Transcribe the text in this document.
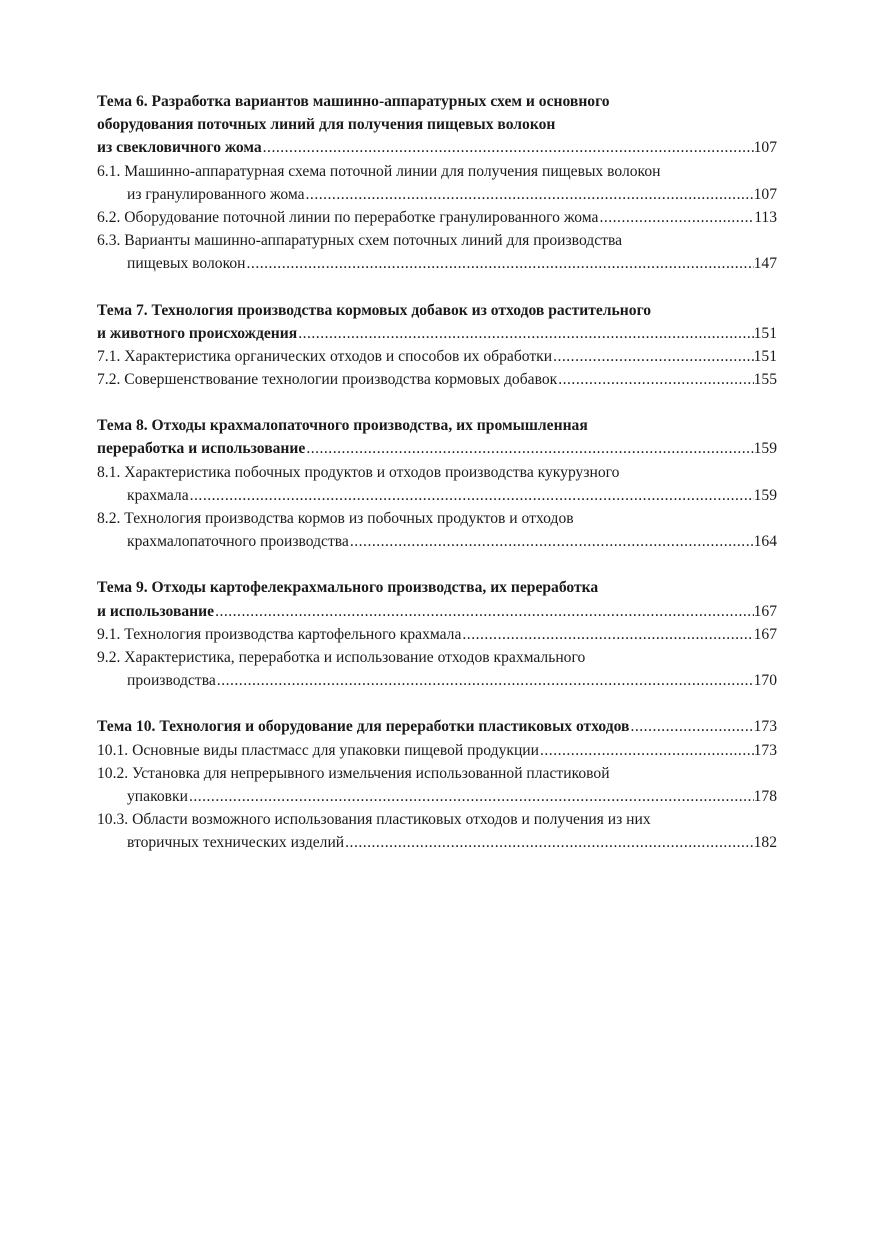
Тема 6. Разработка вариантов машинно-аппаратурных схем и основного
оборудования поточных линий для получения пищевых волокон
из свекловичного жома .....	107
6.1. Машинно-аппаратурная схема поточной линии для получения пищевых волокон
из гранулированного жома .....	107
6.2. Оборудование поточной линии по переработке гранулированного жома .....	113
6.3. Варианты машинно-аппаратурных схем поточных линий для производства
пищевых волокон .....	147
Тема 7. Технология производства кормовых добавок из отходов растительного
и животного происхождения .....	151
7.1. Характеристика органических отходов и способов их обработки .....	151
7.2. Совершенствование технологии производства кормовых добавок .....	155
Тема 8. Отходы крахмалопаточного производства, их промышленная
переработка и использование .....	159
8.1. Характеристика побочных продуктов и отходов производства кукурузного
крахмала .....	159
8.2. Технология производства кормов из побочных продуктов и отходов
крахмалопаточного производства .....	164
Тема 9. Отходы картофелекрахмального производства, их переработка
и использование .....	167
9.1. Технология производства картофельного крахмала .....	167
9.2. Характеристика, переработка и использование отходов крахмального
производства .....	170
Тема 10. Технология и оборудование для переработки пластиковых отходов .....	173
10.1. Основные виды пластмасс для упаковки пищевой продукции .....	173
10.2. Установка для непрерывного измельчения использованной пластиковой
упаковки .....	178
10.3. Области возможного использования пластиковых отходов и получения из них
вторичных технических изделий .....	182
